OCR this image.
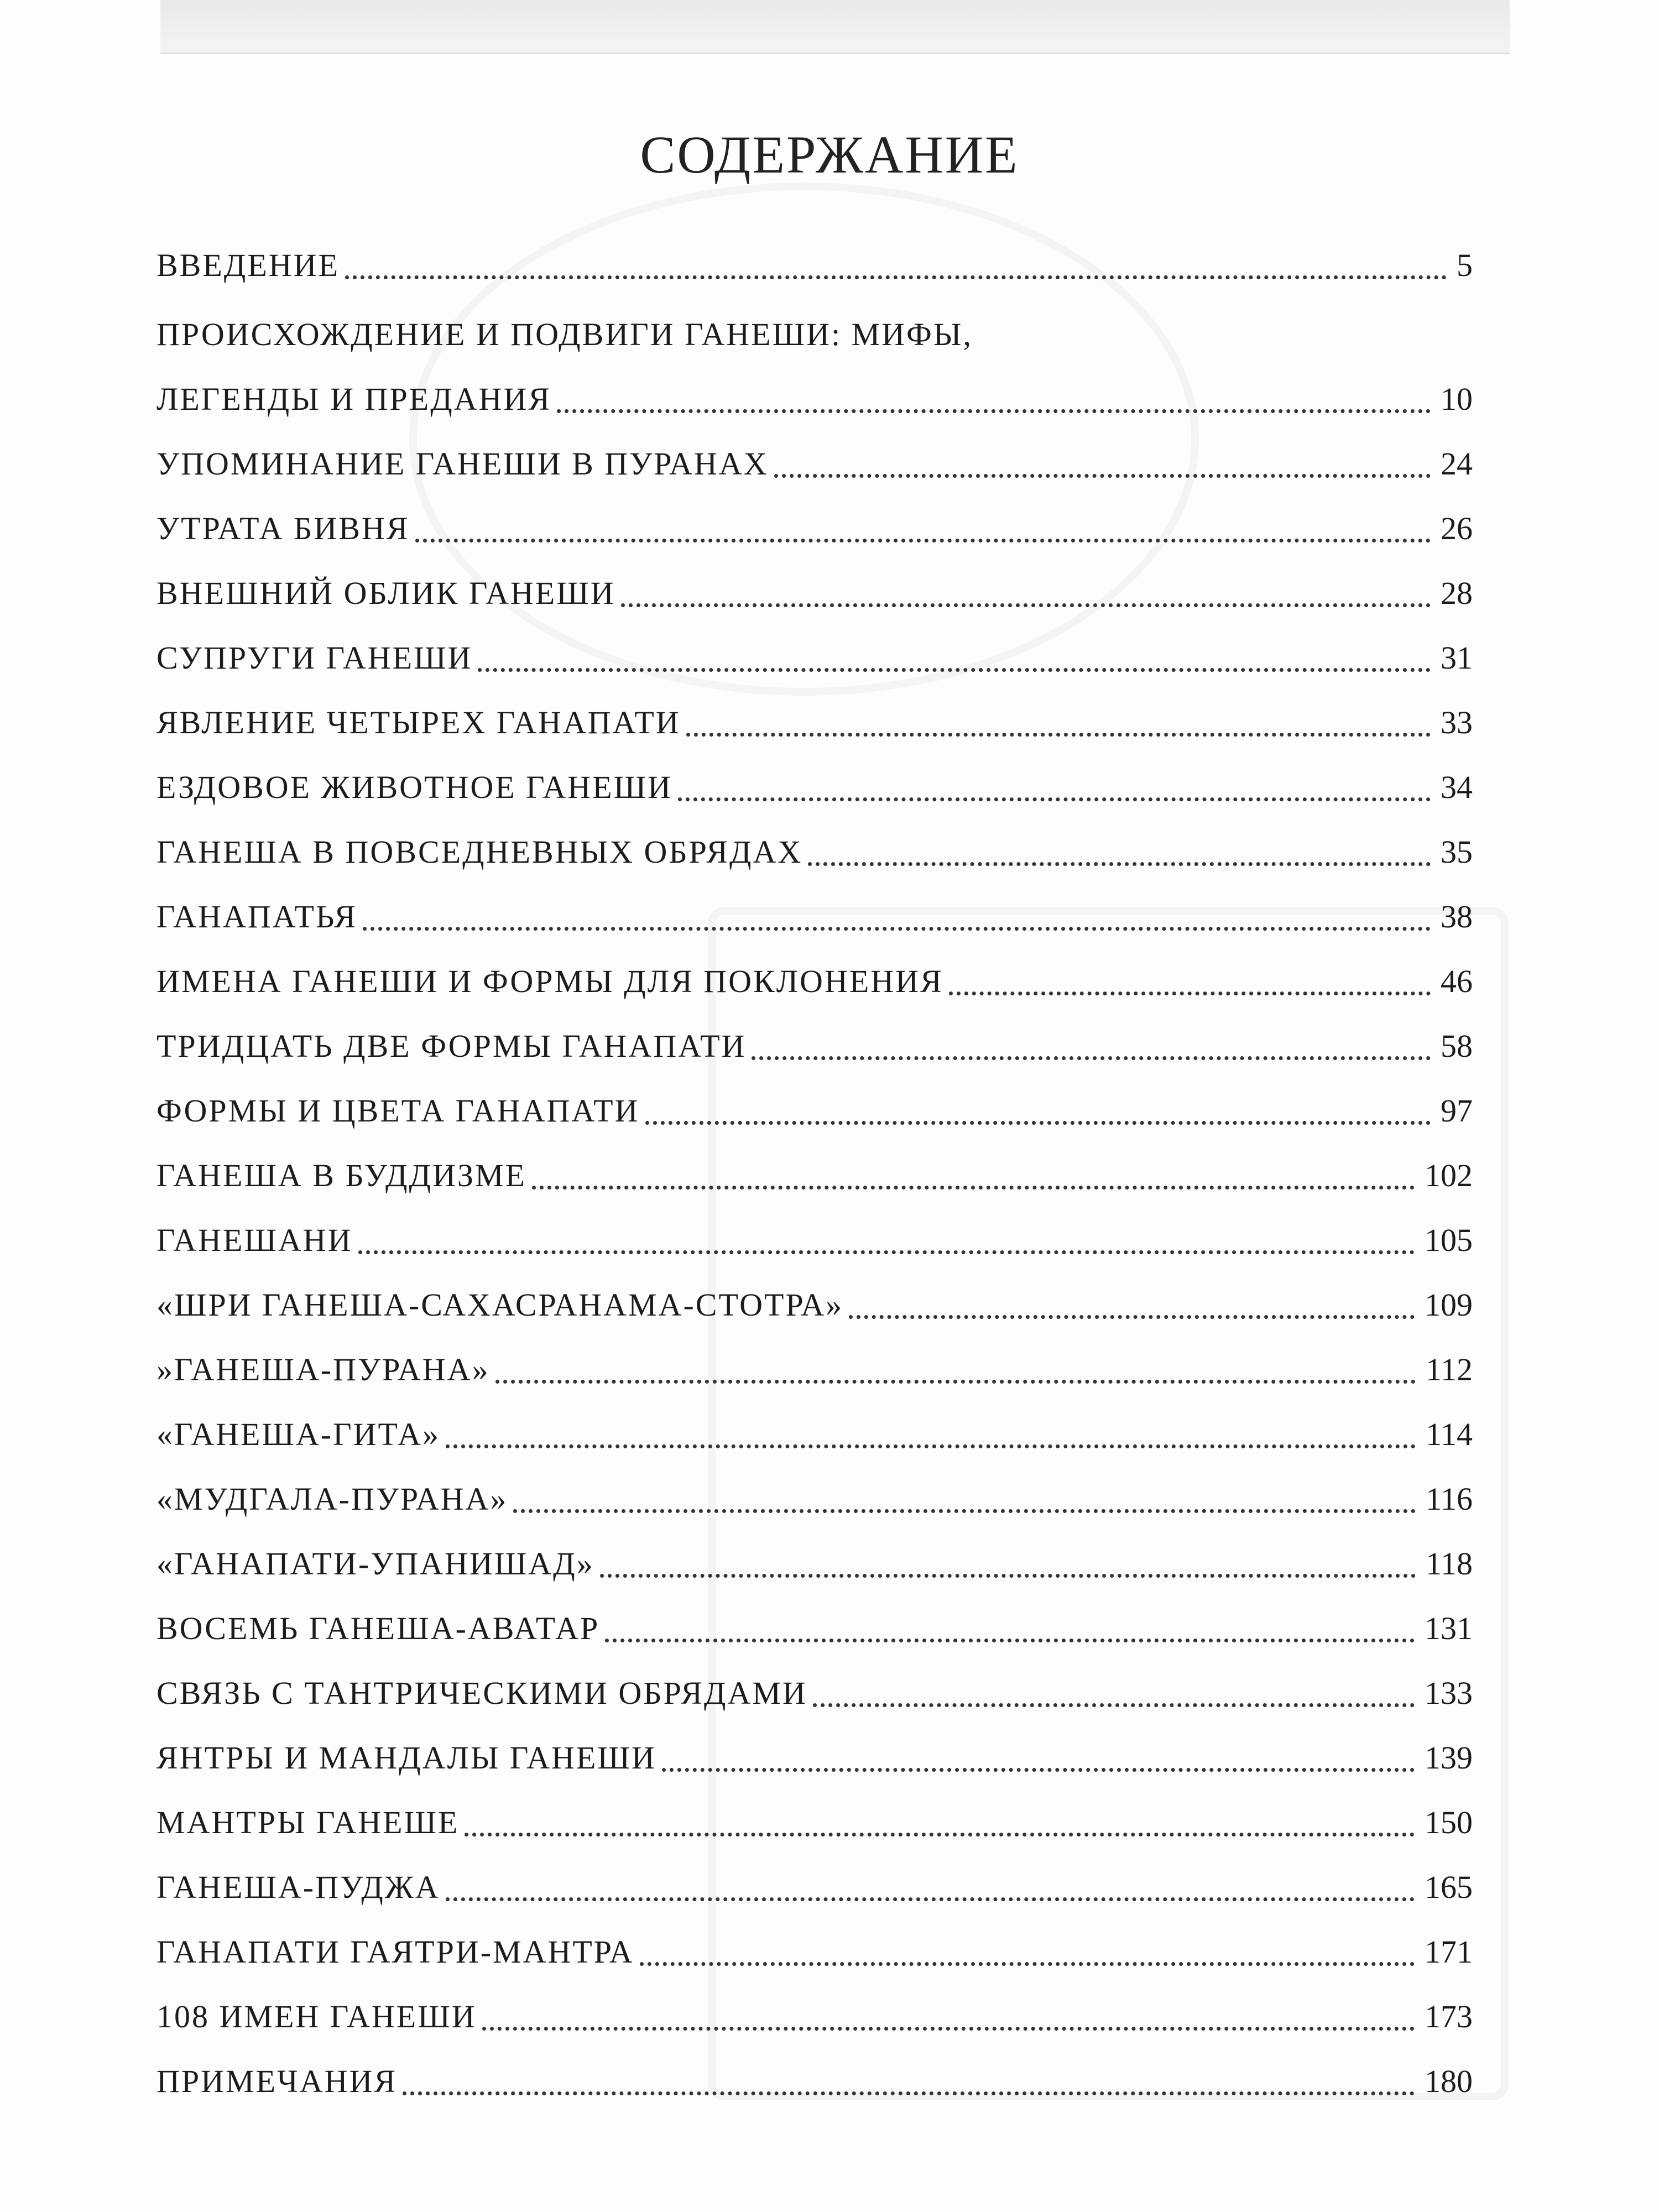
СОДЕРЖАНИЕ
ВВЕДЕНИЕ	5
ПРОИСХОЖДЕНИЕ И ПОДВИГИ ГАНЕШИ: МИФЫ,
ЛЕГЕНДЫ И ПРЕДАНИЯ	10
УПОМИНАНИЕ ГАНЕШИ В ПУРАНАХ	24
УТРАТА БИВНЯ	26
ВНЕШНИЙ ОБЛИК ГАНЕШИ	28
СУПРУГИ ГАНЕШИ	31
ЯВЛЕНИЕ ЧЕТЫРЕХ ГАНАПАТИ	33
ЕЗДОВОЕ ЖИВОТНОЕ ГАНЕШИ	34
ГАНЕША В ПОВСЕДНЕВНЫХ ОБРЯДАХ	35
ГАНАПАТЬЯ	38
ИМЕНА ГАНЕШИ И ФОРМЫ ДЛЯ ПОКЛОНЕНИЯ	46
ТРИДЦАТЬ ДВЕ ФОРМЫ ГАНАПАТИ	58
ФОРМЫ И ЦВЕТА ГАНАПАТИ	97
ГАНЕША В БУДДИЗМЕ	102
ГАНЕШАНИ	105
«ШРИ ГАНЕША-САХАСРАНАМА-СТОТРА»	109
»ГАНЕША-ПУРАНА»	112
«ГАНЕША-ГИТА»	114
«МУДГАЛА-ПУРАНА»	116
«ГАНАПАТИ-УПАНИШАД»	118
ВОСЕМЬ ГАНЕША-АВАТАР	131
СВЯЗЬ С ТАНТРИЧЕСКИМИ ОБРЯДАМИ	133
ЯНТРЫ И МАНДАЛЫ ГАНЕШИ	139
МАНТРЫ ГАНЕШЕ	150
ГАНЕША-ПУДЖА	165
ГАНАПАТИ ГАЯТРИ-МАНТРА	171
108 ИМЕН ГАНЕШИ	173
ПРИМЕЧАНИЯ	180
